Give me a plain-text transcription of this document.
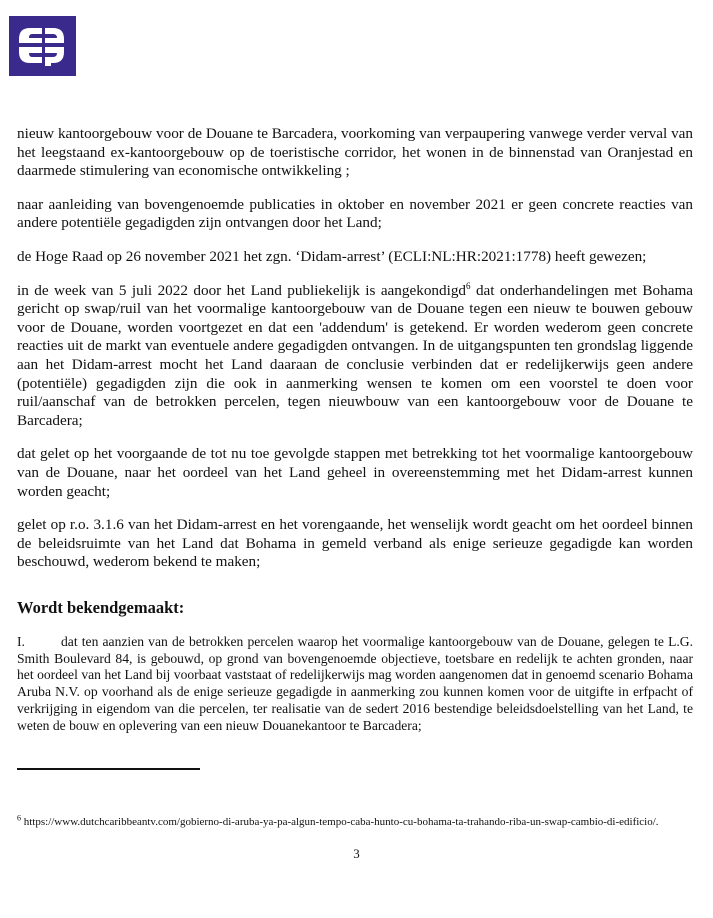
nieuw kantoorgebouw voor de Douane te Barcadera, voorkoming van verpaupering vanwege verder verval van het leegstaand ex-kantoorgebouw op de toeristische corridor, het wonen in de binnenstad van Oranjestad en daarmede stimulering van economische ontwikkeling ;

naar aanleiding van bovengenoemde publicaties in oktober en november 2021 er geen concrete reacties van andere potentiële gegadigden zijn ontvangen door het Land;

de Hoge Raad op 26 november 2021 het zgn. ‘Didam-arrest’ (ECLI:NL:HR:2021:1778) heeft gewezen;

in de week van 5 juli 2022 door het Land publiekelijk is aangekondigd$^6$ dat onderhandelingen met Bohama gericht op swap/ruil van het voormalige kantoorgebouw van de Douane tegen een nieuw te bouwen gebouw voor de Douane, worden voortgezet en dat een 'addendum' is getekend. Er worden wederom geen concrete reacties uit de markt van eventuele andere gegadigden ontvangen. In de uitgangspunten ten grondslag liggende aan het Didam-arrest mocht het Land daaraan de conclusie verbinden dat er redelijkerwijs geen andere (potentiële) gegadigden zijn die ook in aanmerking wensen te komen om een voorstel te doen voor ruil/aanschaf van de betrokken percelen, tegen nieuwbouw van een kantoorgebouw voor de Douane te Barcadera;

dat gelet op het voorgaande de tot nu toe gevolgde stappen met betrekking tot het voormalige kantoorgebouw van de Douane, naar het oordeel van het Land geheel in overeenstemming met het Didam-arrest kunnen worden geacht;

gelet op r.o. 3.1.6 van het Didam-arrest en het vorengaande, het wenselijk wordt geacht om het oordeel binnen de beleidsruimte van het Land dat Bohama in gemeld verband als enige serieuze gegadigde kan worden beschouwd, wederom bekend te maken;

Wordt bekendgemaakt:
I.	dat ten aanzien van de betrokken percelen waarop het voormalige kantoorgebouw van de Douane, gelegen te L.G. Smith Boulevard 84, is gebouwd, op grond van bovengenoemde objectieve, toetsbare en redelijk te achten gronden, naar het oordeel van het Land bij voorbaat vaststaat of redelijkerwijs mag worden aangenomen dat in genoemd scenario Bohama Aruba N.V. op voorhand als de enige serieuze gegadigde in aanmerking zou kunnen komen voor de uitgifte in erfpacht of verkrijging in eigendom van die percelen, ter realisatie van de sedert 2016 bestendige beleidsdoelstelling van het Land, te weten de bouw en oplevering van een nieuw Douanekantoor te Barcadera;
$^6$ https://www.dutchcaribbeantv.com/gobierno-di-aruba-ya-pa-algun-tempo-caba-hunto-cu-bohama-ta-trahando-riba-un-swap-cambio-di-edificio/.
3
